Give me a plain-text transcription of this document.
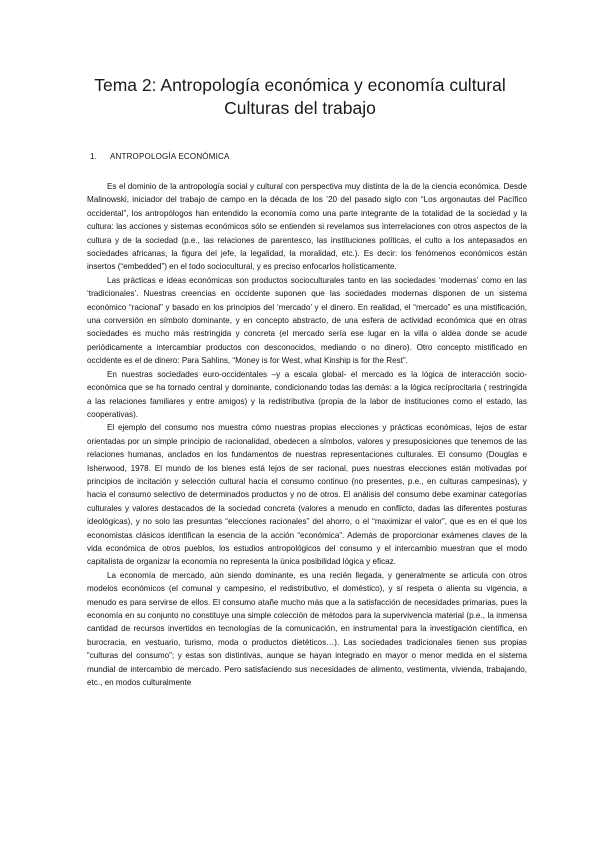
Tema 2: Antropología económica y economía cultural Culturas del trabajo
1. ANTROPOLOGÍA ECONÓMICA

Es el dominio de la antropología social y cultural con perspectiva muy distinta de la de la ciencia económica. Desde Malinowski, iniciador del trabajo de campo en la década de los ’20 del pasado siglo con “Los argonautas del Pacífico occidental”, los antropólogos han entendido la economía como una parte integrante de la totalidad de la sociedad y la cultura: las acciones y sistemas económicos sólo se entienden si revelamos sus interrelaciones con otros aspectos de la cultura y de la sociedad (p.e., las relaciones de parentesco, las instituciones políticas, el culto a los antepasados en sociedades africanas, la figura del jefe, la legalidad, la moralidad, etc.). Es decir: los fenómenos económicos están insertos (“embedded”) en el todo sociocultural, y es preciso enfocarlos holísticamente.

Las prácticas e ideas económicas son productos socioculturales tanto en las sociedades ‘modernas’ como en las ‘tradicionales’. Nuestras creencias en occidente suponen que las sociedades modernas disponen de un sistema económico “racional” y basado en los principios del ‘mercado’ y el dinero. En realidad, el “mercado” es una mistificación, una conversión en símbolo dominante, y en concepto abstracto, de una esfera de actividad económica que en otras sociedades es mucho más restringida y concreta (el mercado sería ese lugar en la villa o aldea donde se acude periódicamente a intercambiar productos con desconocidos, mediando o no dinero). Otro concepto mistificado en occidente es el de dinero: Para Sahlins, “Money is for West, what Kinship is for the Rest”.

En nuestras sociedades euro-occidentales –y a escala global- el mercado es la lógica de interacción socio-económica que se ha tornado central y dominante, condicionando todas las demás: a la lógica recíprocitaria ( restringida a las relaciones familiares y entre amigos) y la redistributiva (propia de la labor de instituciones como el estado, las cooperativas).

El ejemplo del consumo nos muestra cómo nuestras propias elecciones y prácticas económicas, lejos de estar orientadas por un simple principio de racionalidad, obedecen a símbolos, valores y presuposiciones que tenemos de las relaciones humanas, anclados en los fundamentos de nuestras representaciones culturales. El consumo (Douglas e Isherwood, 1978. El mundo de los bienes está lejos de ser racional, pues nuestras elecciones están motivadas por principios de incitación y selección cultural hacia el consumo continuo (no presentes, p.e., en culturas campesinas), y hacia el consumo selectivo de determinados productos y no de otros. El análisis del consumo debe examinar categorías culturales y valores destacados de la sociedad concreta (valores a menudo en conflicto, dadas las diferentes posturas ideológicas), y no solo las presuntas “elecciones racionales” del ahorro, o el “maximizar el valor”, que es en el que los economistas clásicos identifican la esencia de la acción “económica”. Además de proporcionar exámenes claves de la vida económica de otros pueblos, los estudios antropológicos del consumo y el intercambio muestran que el modo capitalista de organizar la economía no representa la única posibilidad lógica y eficaz.

La economía de mercado, aún siendo dominante, es una recién llegada, y generalmente se articula con otros modelos económicos (el comunal y campesino, el redistributivo, el doméstico), y sí respeta o alienta su vigencia, a menudo es para servirse de ellos. El consumo atañe mucho más que a la satisfacción de necesidades primarias, pues la economía en su conjunto no constituye una simple colección de métodos para la supervivencia material (p.e., la inmensa cantidad de recursos invertidos en tecnologías de la comunicación, en instrumental para la investigación científica, en burocracia, en vestuario, turismo, moda o productos dietéticos…). Las sociedades tradicionales tienen sus propias “culturas del consumo”; y estas son distintivas, aunque se hayan integrado en mayor o menor medida en el sistema mundial de intercambio de mercado. Pero satisfaciendo sus necesidades de alimento, vestimenta, vivienda, trabajando, etc., en modos culturalmente
